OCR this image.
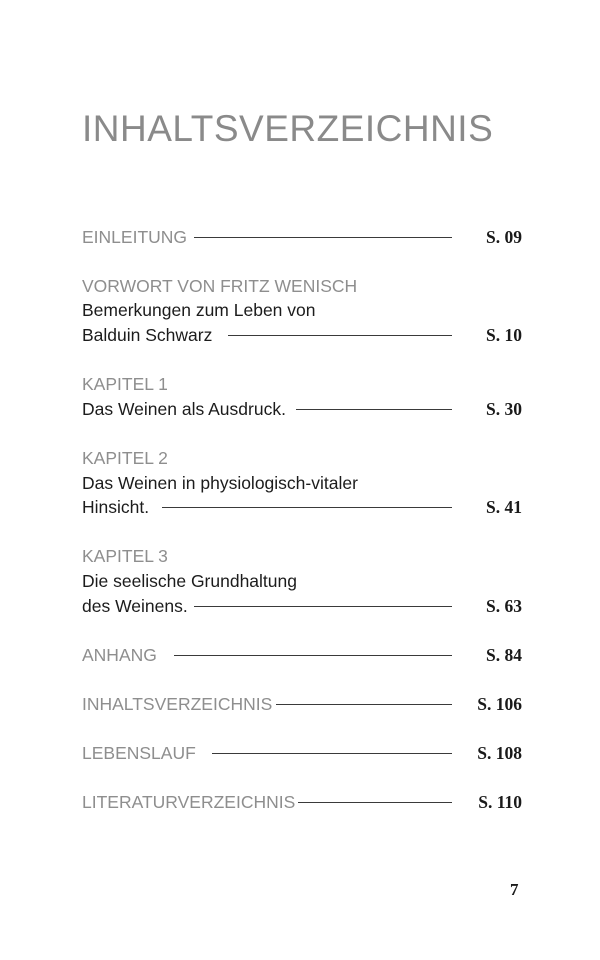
INHALTSVERZEICHNIS
EINLEITUNG	S. 09
VORWORT VON FRITZ WENISCH
Bemerkungen zum Leben von
Balduin Schwarz	S. 10
KAPITEL 1
Das Weinen als Ausdruck.	S. 30
KAPITEL 2
Das Weinen in physiologisch-vitaler
Hinsicht.	S. 41
KAPITEL 3
Die seelische Grundhaltung
des Weinens.	S. 63
ANHANG	S. 84
INHALTSVERZEICHNIS	S. 106
LEBENSLAUF	S. 108
LITERATURVERZEICHNIS	S. 110
7
